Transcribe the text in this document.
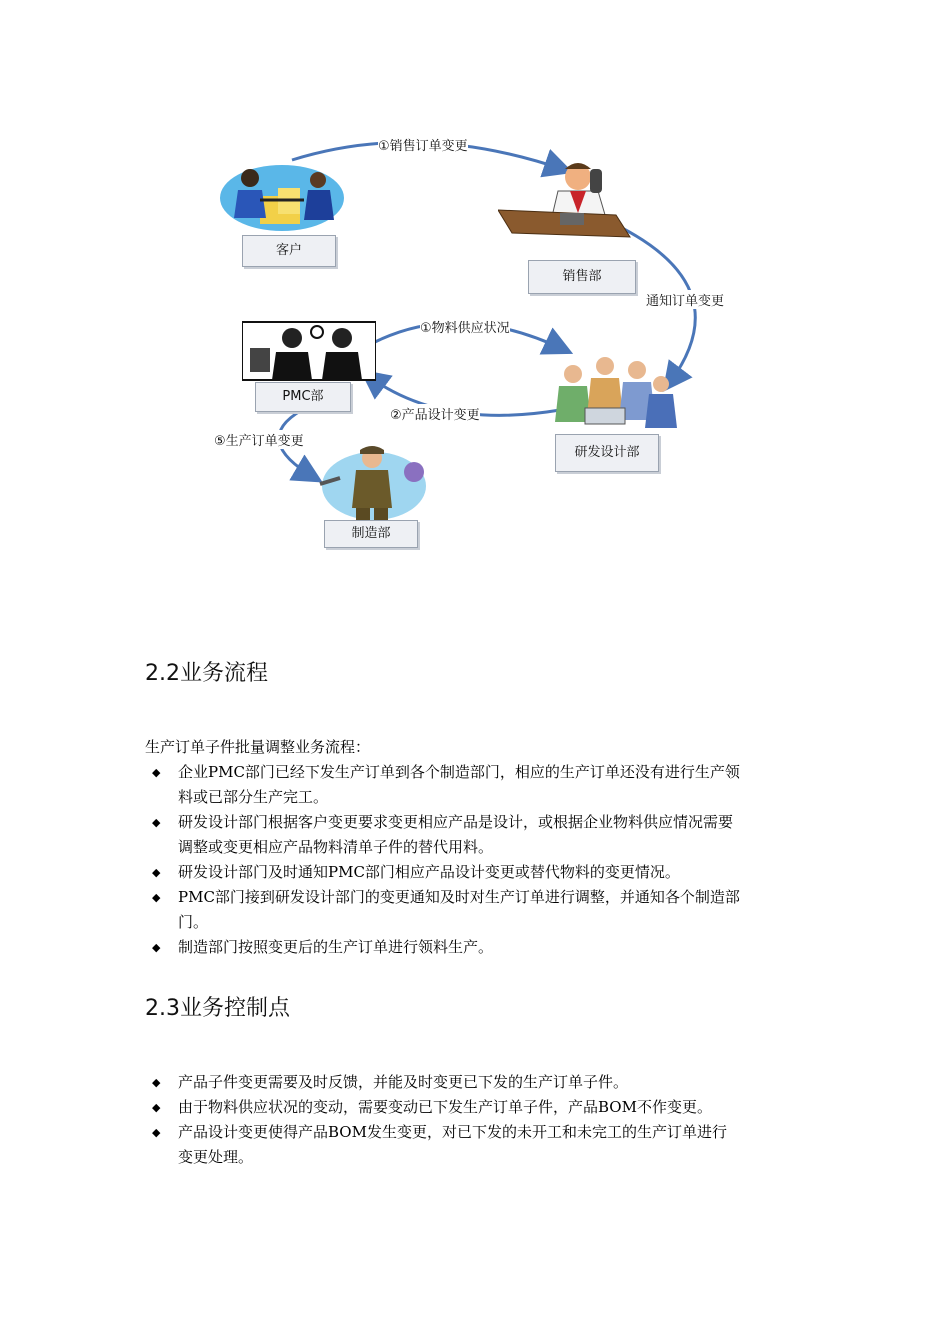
客户
销售部
PMC部
研发设计部
制造部
①销售订单变更
通知订单变更
①物料供应状况
②产品设计变更
⑤生产订单变更
2.2业务流程
生产订单子件批量调整业务流程：
◆ 企业PMC部门已经下发生产订单到各个制造部门，相应的生产订单还没有进行生产领
料或已部分生产完工。
◆ 研发设计部门根据客户变更要求变更相应产品是设计，或根据企业物料供应情况需要
调整或变更相应产品物料清单子件的替代用料。
◆ 研发设计部门及时通知PMC部门相应产品设计变更或替代物料的变更情况。
◆ PMC部门接到研发设计部门的变更通知及时对生产订单进行调整，并通知各个制造部
门。
◆ 制造部门按照变更后的生产订单进行领料生产。
2.3业务控制点
◆ 产品子件变更需要及时反馈，并能及时变更已下发的生产订单子件。
◆ 由于物料供应状况的变动，需要变动已下发生产订单子件，产品BOM不作变更。
◆ 产品设计变更使得产品BOM发生变更，对已下发的未开工和未完工的生产订单进行
变更处理。
